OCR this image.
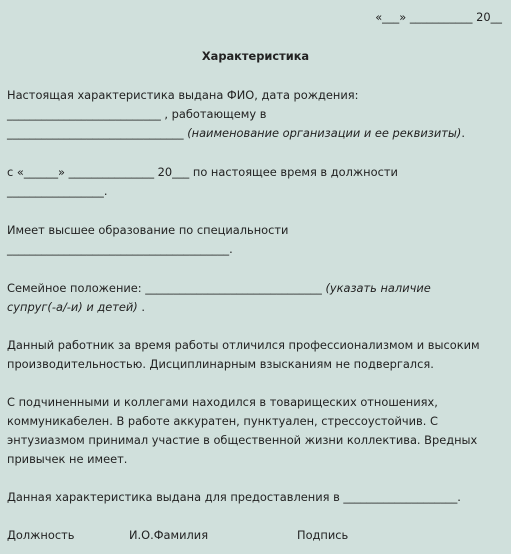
«___» ___________ 20__
Характеристика
Настоящая характеристика выдана ФИО, дата рождения:
___________________________ , работающему в
_______________________________ (наименование организации и ее реквизиты).
с «______» _______________ 20___ по настоящее время в должности
_________________.
Имеет высшее образование по специальности
_______________________________________.
Семейное положение: _______________________________ (указать наличие
супруг(-а/-и) и детей) .
Данный работник за время работы отличился профессионализмом и высоким
производительностью. Дисциплинарным взысканиям не подвергался.
С подчиненными и коллегами находился в товарищеских отношениях,
коммуникабелен. В работе аккуратен, пунктуален, стрессоустойчив. С
энтузиазмом принимал участие в общественной жизни коллектива. Вредных
привычек не имеет.
Данная характеристика выдана для предоставления в ____________________.
Должность	И.О.Фамилия	Подпись
